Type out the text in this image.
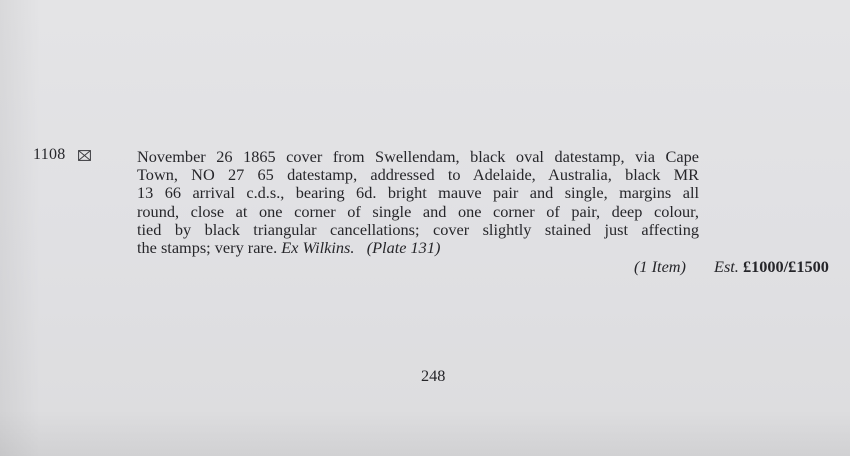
1108	November 26 1865 cover from Swellendam, black oval datestamp, via Cape
Town, NO 27 65 datestamp, addressed to Adelaide, Australia, black MR
13 66 arrival c.d.s., bearing 6d. bright mauve pair and single, margins all
round, close at one corner of single and one corner of pair, deep colour,
tied by black triangular cancellations; cover slightly stained just affecting
the stamps; very rare. Ex Wilkins. (Plate 131)
(1 Item) Est. £1000/£1500
248
